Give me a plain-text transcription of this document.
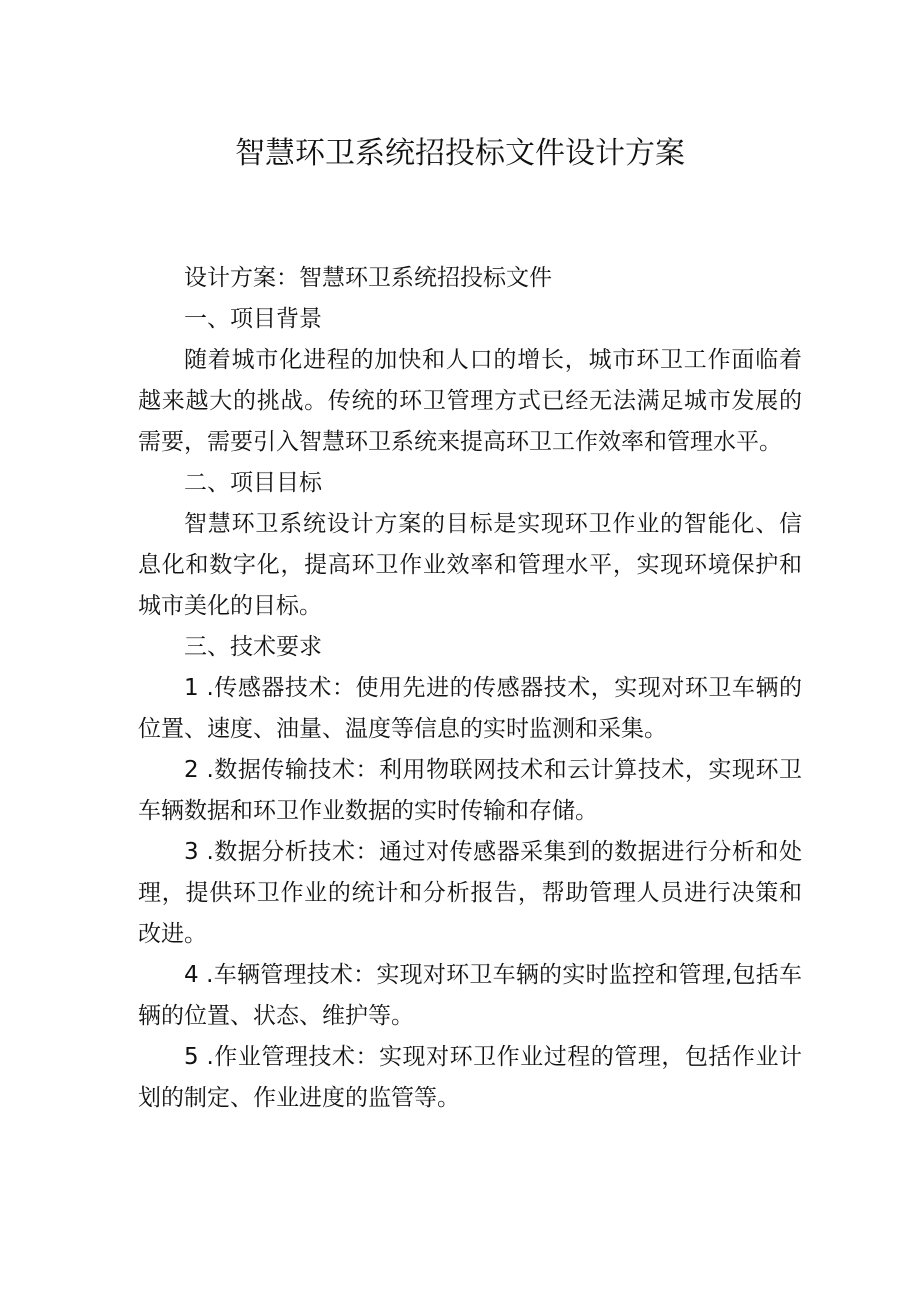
智慧环卫系统招投标文件设计方案

设计方案：智慧环卫系统招投标文件

一、项目背景

随着城市化进程的加快和人口的增长，城市环卫工作面临着越来越大的挑战。传统的环卫管理方式已经无法满足城市发展的需要，需要引入智慧环卫系统来提高环卫工作效率和管理水平。

二、项目目标

智慧环卫系统设计方案的目标是实现环卫作业的智能化、信息化和数字化，提高环卫作业效率和管理水平，实现环境保护和城市美化的目标。

三、技术要求

1 .传感器技术：使用先进的传感器技术，实现对环卫车辆的位置、速度、油量、温度等信息的实时监测和采集。

2 .数据传输技术：利用物联网技术和云计算技术，实现环卫车辆数据和环卫作业数据的实时传输和存储。

3 .数据分析技术：通过对传感器采集到的数据进行分析和处理，提供环卫作业的统计和分析报告，帮助管理人员进行决策和改进。

4 .车辆管理技术：实现对环卫车辆的实时监控和管理,包括车辆的位置、状态、维护等。

5 .作业管理技术：实现对环卫作业过程的管理，包括作业计划的制定、作业进度的监管等。
